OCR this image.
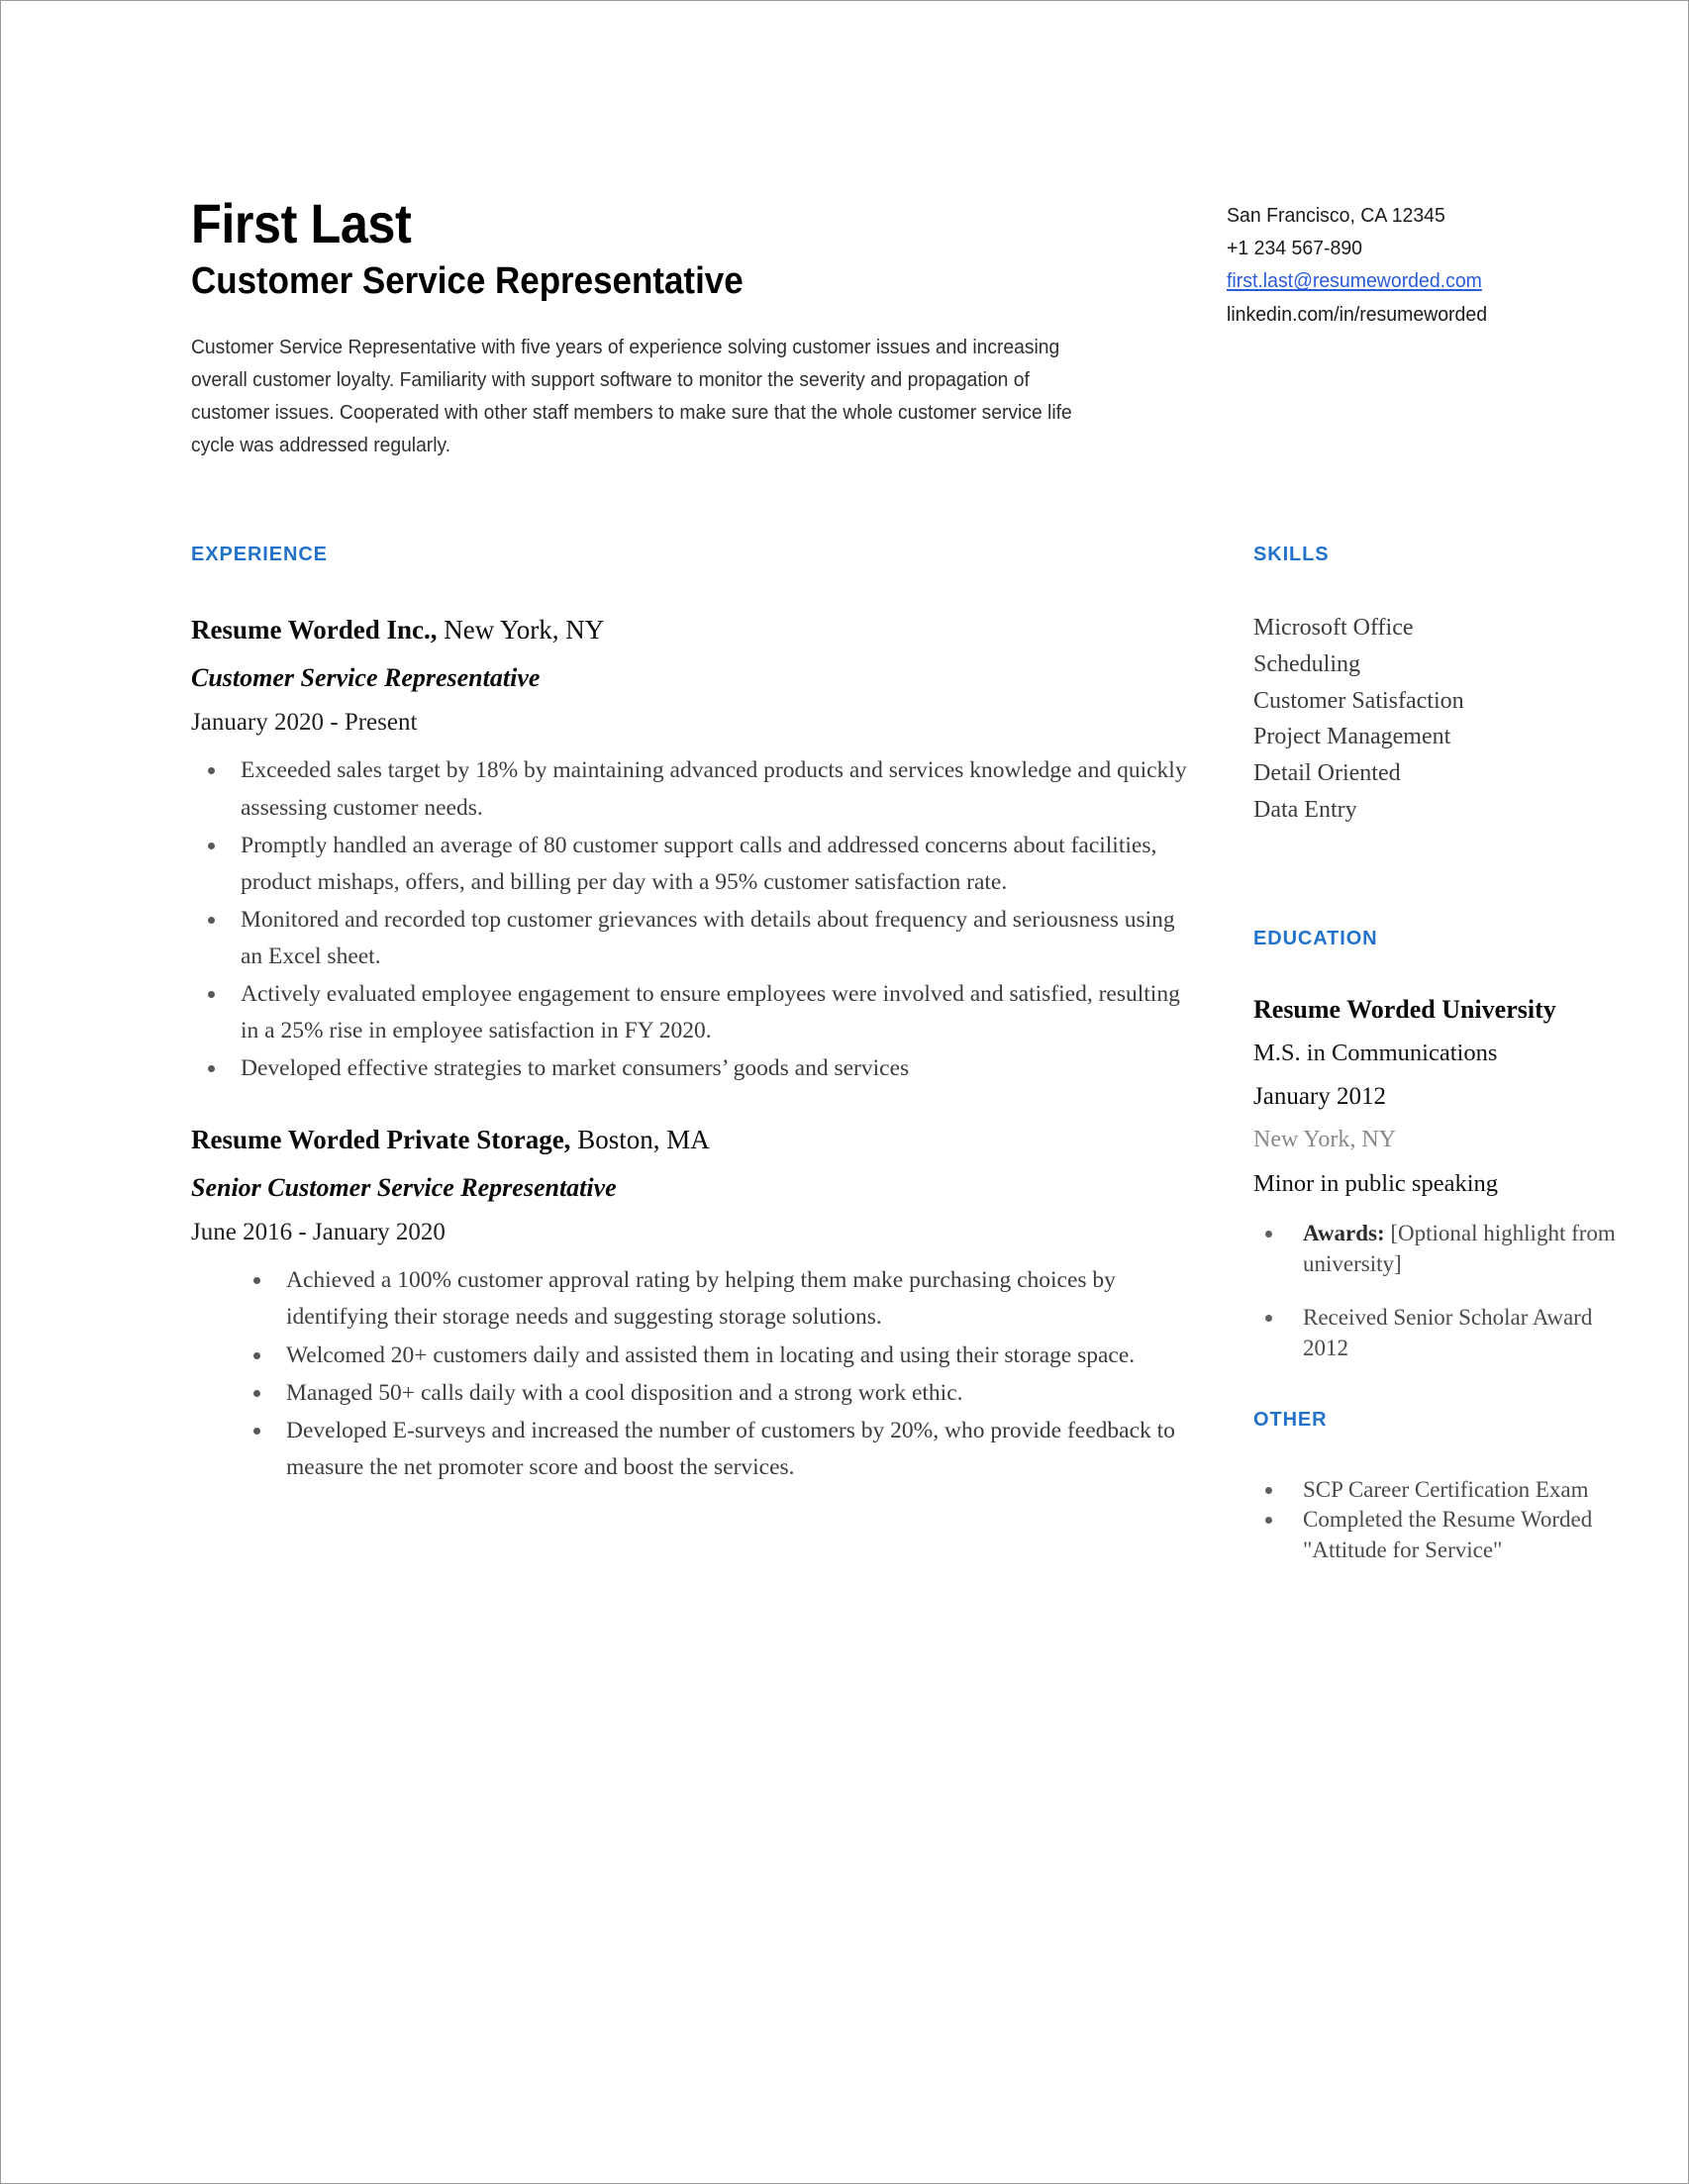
First Last
Customer Service Representative
San Francisco, CA 12345
+1 234 567-890
first.last@resumeworded.com
linkedin.com/in/resumeworded

Customer Service Representative with five years of experience solving customer issues and increasing overall customer loyalty. Familiarity with support software to monitor the severity and propagation of customer issues. Cooperated with other staff members to make sure that the whole customer service life cycle was addressed regularly.

EXPERIENCE
Resume Worded Inc., New York, NY
Customer Service Representative
January 2020 - Present
Exceeded sales target by 18% by maintaining advanced products and services knowledge and quickly assessing customer needs.
Promptly handled an average of 80 customer support calls and addressed concerns about facilities, product mishaps, offers, and billing per day with a 95% customer satisfaction rate.
Monitored and recorded top customer grievances with details about frequency and seriousness using an Excel sheet.
Actively evaluated employee engagement to ensure employees were involved and satisfied, resulting in a 25% rise in employee satisfaction in FY 2020.
Developed effective strategies to market consumers’ goods and services
Resume Worded Private Storage, Boston, MA
Senior Customer Service Representative
June 2016 - January 2020
Achieved a 100% customer approval rating by helping them make purchasing choices by identifying their storage needs and suggesting storage solutions.
Welcomed 20+ customers daily and assisted them in locating and using their storage space.
Managed 50+ calls daily with a cool disposition and a strong work ethic.
Developed E-surveys and increased the number of customers by 20%, who provide feedback to measure the net promoter score and boost the services.
SKILLS
Microsoft Office
Scheduling
Customer Satisfaction
Project Management
Detail Oriented
Data Entry
EDUCATION
Resume Worded University
M.S. in Communications
January 2012
New York, NY
Minor in public speaking
Awards: [Optional highlight from university]
Received Senior Scholar Award 2012
OTHER
SCP Career Certification Exam
Completed the Resume Worded "Attitude for Service"
